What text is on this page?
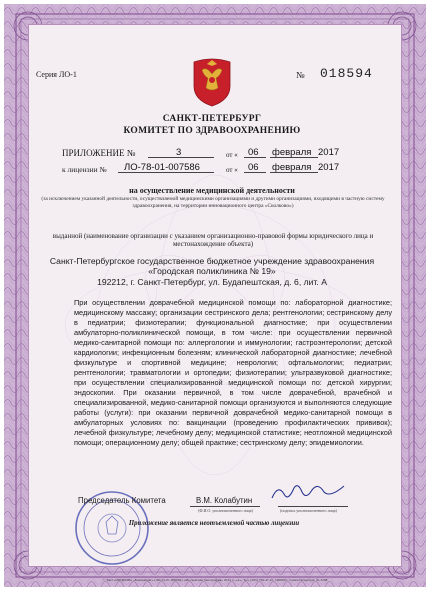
Серия ЛО-1	№ 018594
САНКТ-ПЕТЕРБУРГ
КОМИТЕТ ПО ЗДРАВООХРАНЕНИЮ
ПРИЛОЖЕНИЕ №	3	от « 06 февраля 2017
к лицензии № ЛО-78-01-007586	от « 06 февраля 2017
на осуществление медицинской деятельности
(за исключением указанной деятельности, осуществляемой медицинскими организациями и другими организациями, входящими в частную систему здравоохранения, на территории инновационного центра «Сколково»)
выданной (наименование организации с указанием организационно-правовой формы юридического лица и местонахождение объекта)
Санкт-Петербургское государственное бюджетное учреждение здравоохранения
«Городская поликлиника № 19»
192212, г. Санкт-Петербург, ул. Будапештская, д. 6, лит. А
При осуществлении доврачебной медицинской помощи по: лабораторной диагностике; медицинскому массажу; организации сестринского дела; рентгенологии; сестринскому делу в педиатрии; физиотерапии; функциональной диагностике; при осуществлении амбулаторно-поликлинической помощи, в том числе: при осуществлении первичной медико-санитарной помощи по: аллергологии и иммунологии; гастроэнтерологии; детской кардиологии; инфекционным болезням; клинической лабораторной диагностике; лечебной физкультуре и спортивной медицине; неврологии; офтальмологии; педиатрии; рентгенологии; травматологии и ортопедии; физиотерапии; ультразвуковой диагностике; при осуществлении специализированной медицинской помощи по: детской хирургии; эндоскопии. При оказании первичной, в том числе доврачебной, врачебной и специализированной, медико-санитарной помощи организуются и выполняются следующие работы (услуги): при оказании первичной доврачебной медико-санитарной помощи в амбулаторных условиях по: вакцинации (проведению профилактических прививок); лечебной физкультуре; лечебному делу; медицинской статистике; неотложной медицинской помощи; операционному делу; общей практике; сестринскому делу; эпидемиологии.
Председатель Комитета	В.М. Колабутин
(Ф.И.О. уполномоченного лица)	(подпись уполномоченного лица)
Приложение является неотъемлемой частью лицензии
© ЗАО «ОПЦИОН» «Бланкиздат» (ЛО-01-01-000004) «Московская типография» 2014 г., «А», Тел. (495) 726-47-47, 190000 г. Санкт-Петербург, № 3288
